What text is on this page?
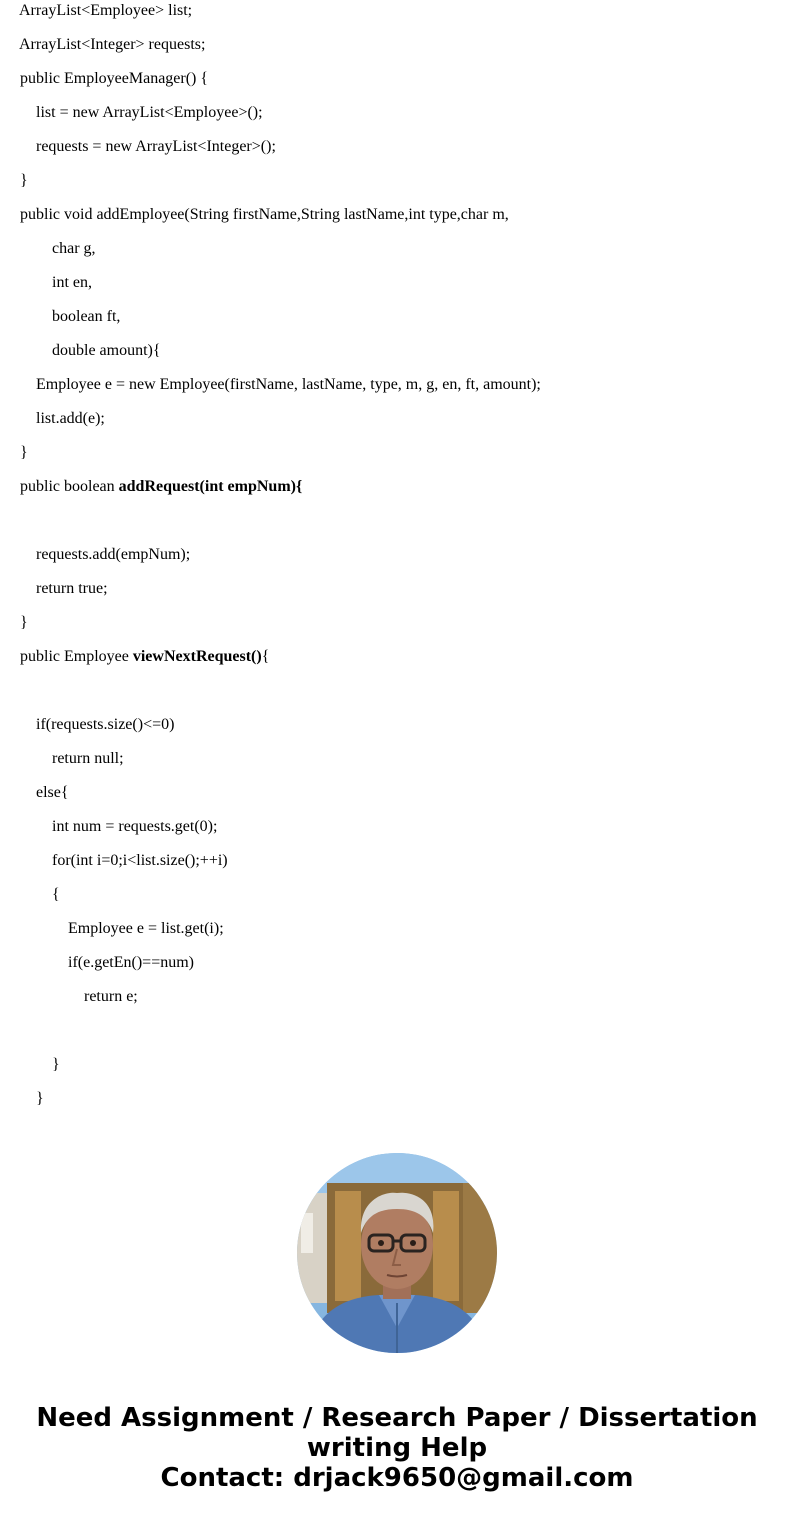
ArrayList<Employee> list;
ArrayList<Integer> requests;
public EmployeeManager() {
list = new ArrayList<Employee>();
requests = new ArrayList<Integer>();
}
public void addEmployee(String firstName,String lastName,int type,char m,
char g,
int en,
boolean ft,
double amount){
Employee e = new Employee(firstName, lastName, type, m, g, en, ft, amount);
list.add(e);
}
public boolean addRequest(int empNum){
requests.add(empNum);
return true;
}
public Employee viewNextRequest(){
if(requests.size()<=0)
return null;
else{
int num = requests.get(0);
for(int i=0;i<list.size();++i)
{
Employee e = list.get(i);
if(e.getEn()==num)
return e;
}
}
Need Assignment / Research Paper / Dissertation
writing Help
Contact: drjack9650@gmail.com
